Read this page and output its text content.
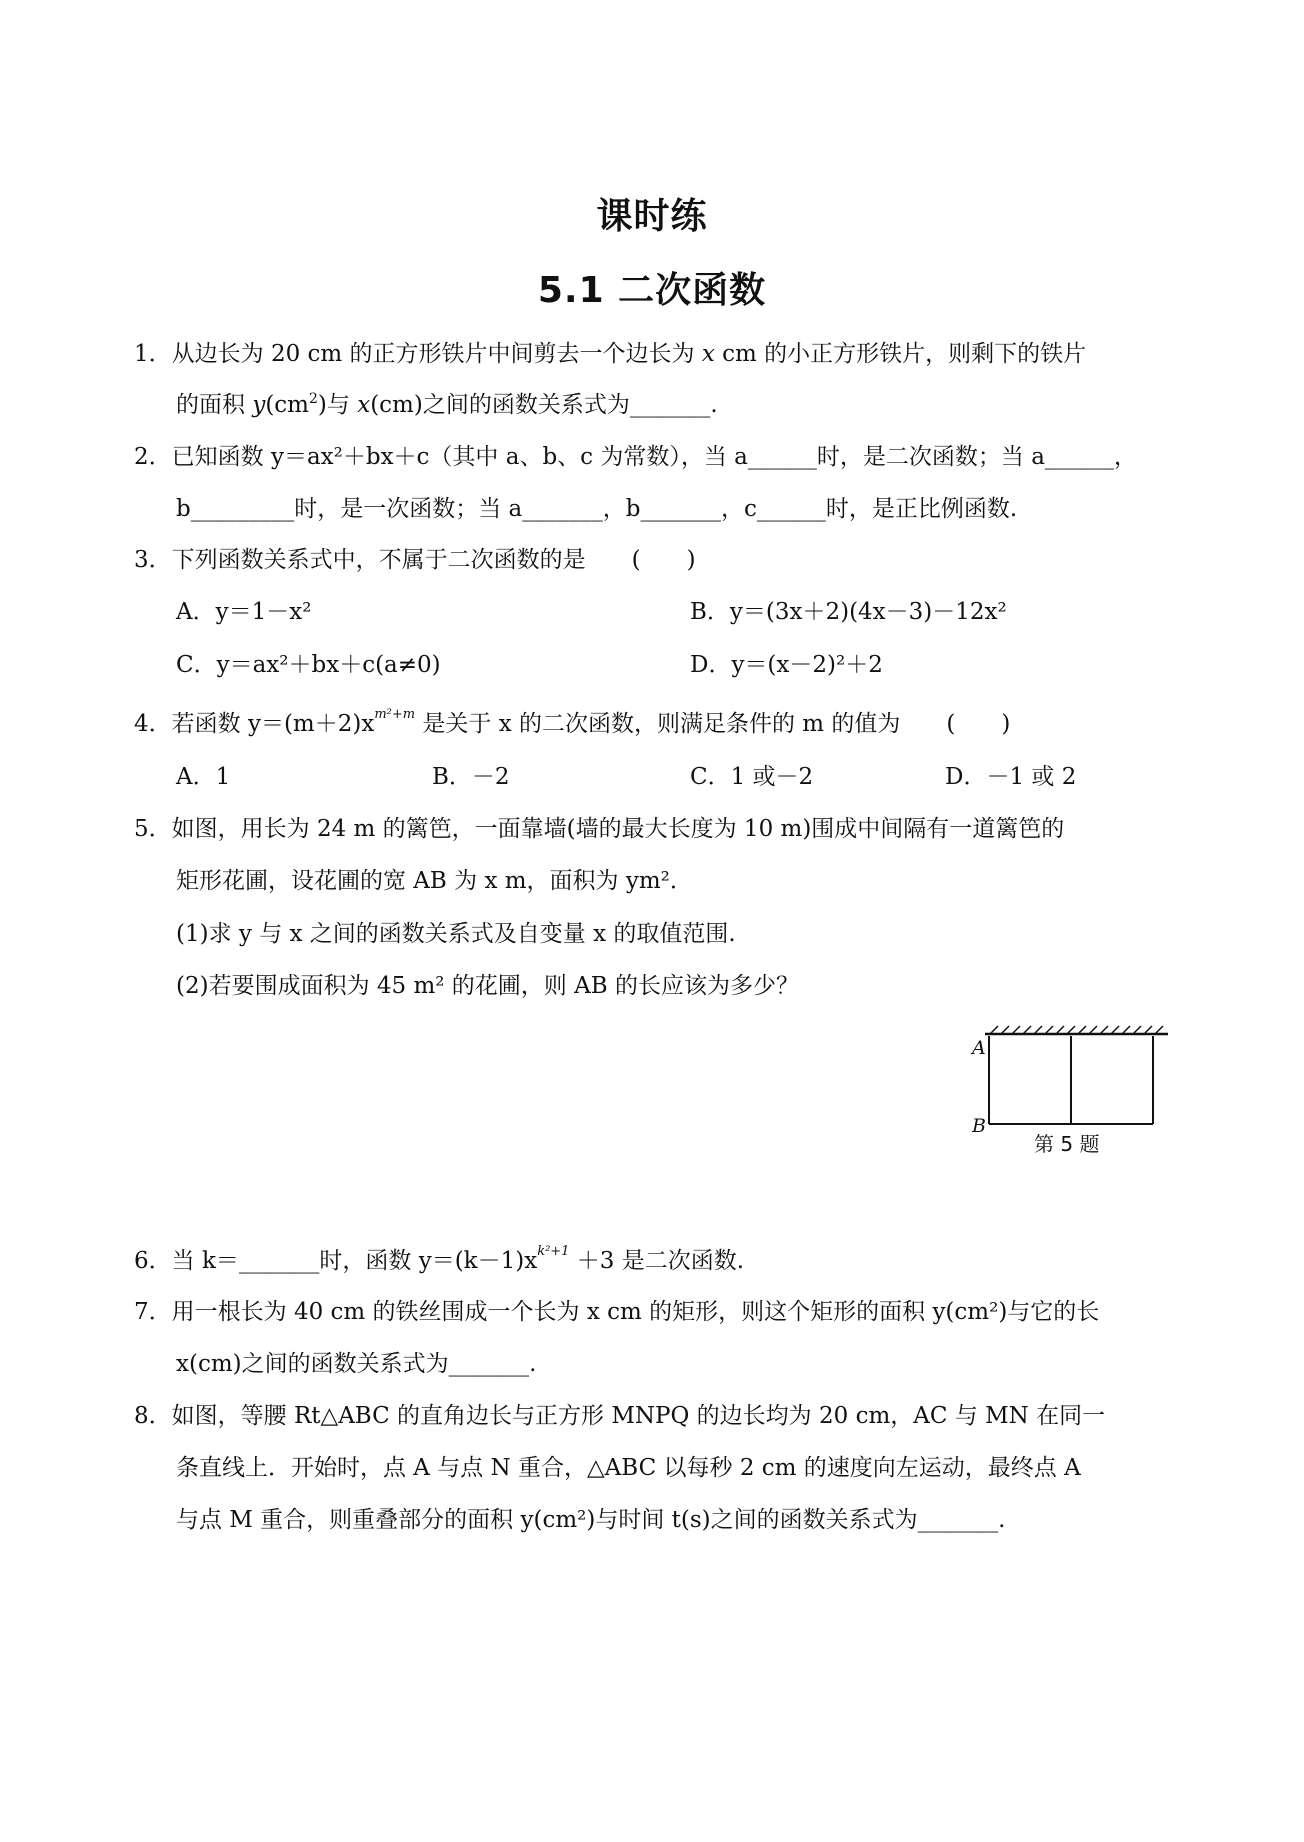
课时练
5.1 二次函数
1．从边长为 20 cm 的正方形铁片中间剪去一个边长为 x cm 的小正方形铁片，则剩下的铁片
的面积 $y(cm^2)$与 x(cm)之间的函数关系式为_______.
2．已知函数 y＝ax²＋bx＋c（其中 a、b、c 为常数），当 a______时，是二次函数；当 a______，
b_________时，是一次函数；当 a_______，b_______，c______时，是正比例函数.
3．下列函数关系式中，不属于二次函数的是　　(　　)
A．y＝1－x²	B．y＝(3x＋2)(4x－3)－12x²
C．y＝ax²＋bx＋c(a≠0)	D．y＝(x－2)²＋2
4．若函数 $y=(m+2)x^{m^2+m}$ 是关于 x 的二次函数，则满足条件的 m 的值为　　(　　)
A．1	B．－2	C．1 或－2	D．－1 或 2
5．如图，用长为 24 m 的篱笆，一面靠墙(墙的最大长度为 10 m)围成中间隔有一道篱笆的
矩形花圃，设花圃的宽 AB 为 x m，面积为 ym²．
(1)求 y 与 x 之间的函数关系式及自变量 x 的取值范围.
(2)若要围成面积为 45 m² 的花圃，则 AB 的长应该为多少？
A
B
第 5 题
6．当 k＝_______时，函数 $y=(k-1)x^{k^2+1} +3$ 是二次函数.
7．用一根长为 40 cm 的铁丝围成一个长为 x cm 的矩形，则这个矩形的面积 y(cm²)与它的长
x(cm)之间的函数关系式为_______.
8．如图，等腰 Rt△ABC 的直角边长与正方形 MNPQ 的边长均为 20 cm，AC 与 MN 在同一
条直线上．开始时，点 A 与点 N 重合，△ABC 以每秒 2 cm 的速度向左运动，最终点 A
与点 M 重合，则重叠部分的面积 y(cm²)与时间 t(s)之间的函数关系式为_______.
